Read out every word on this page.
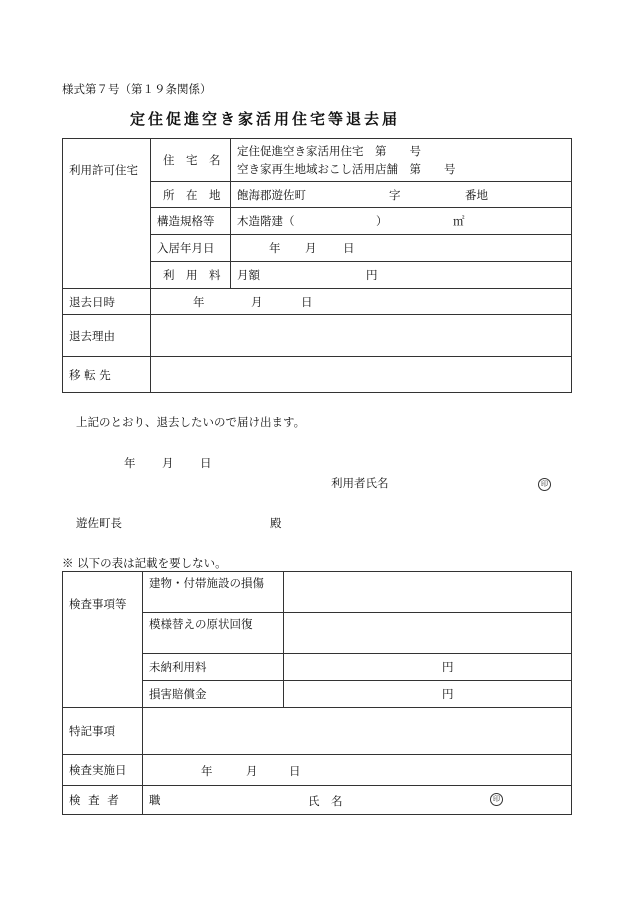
様式第７号（第１９条関係）
定住促進空き家活用住宅等退去届
利用許可住宅	住　宅　名	定住促進空き家活用住宅　第　　号
空き家再生地域おこし活用店舗　第　　号

	所　在　地	飽海郡遊佐町 字 番地

	構造規格等	木造階建（ ） ㎡

	入居年月日	年 月 日

	利　用　料	月額 円

退去日時	年 月 日	

退去理由		
移 転 先		
上記のとおり、退去したいので届け出ます。
年 月 日
利用者氏名	印
遊佐町長	殿
※ 以下の表は記載を要しない。
検査事項等	建物・付帯施設の損傷	
	模様替えの原状回復	
	未納利用料	円

	損害賠償金	円

特記事項		
検査実施日	年 月 日	

検 査 者	職 氏　名 印	
